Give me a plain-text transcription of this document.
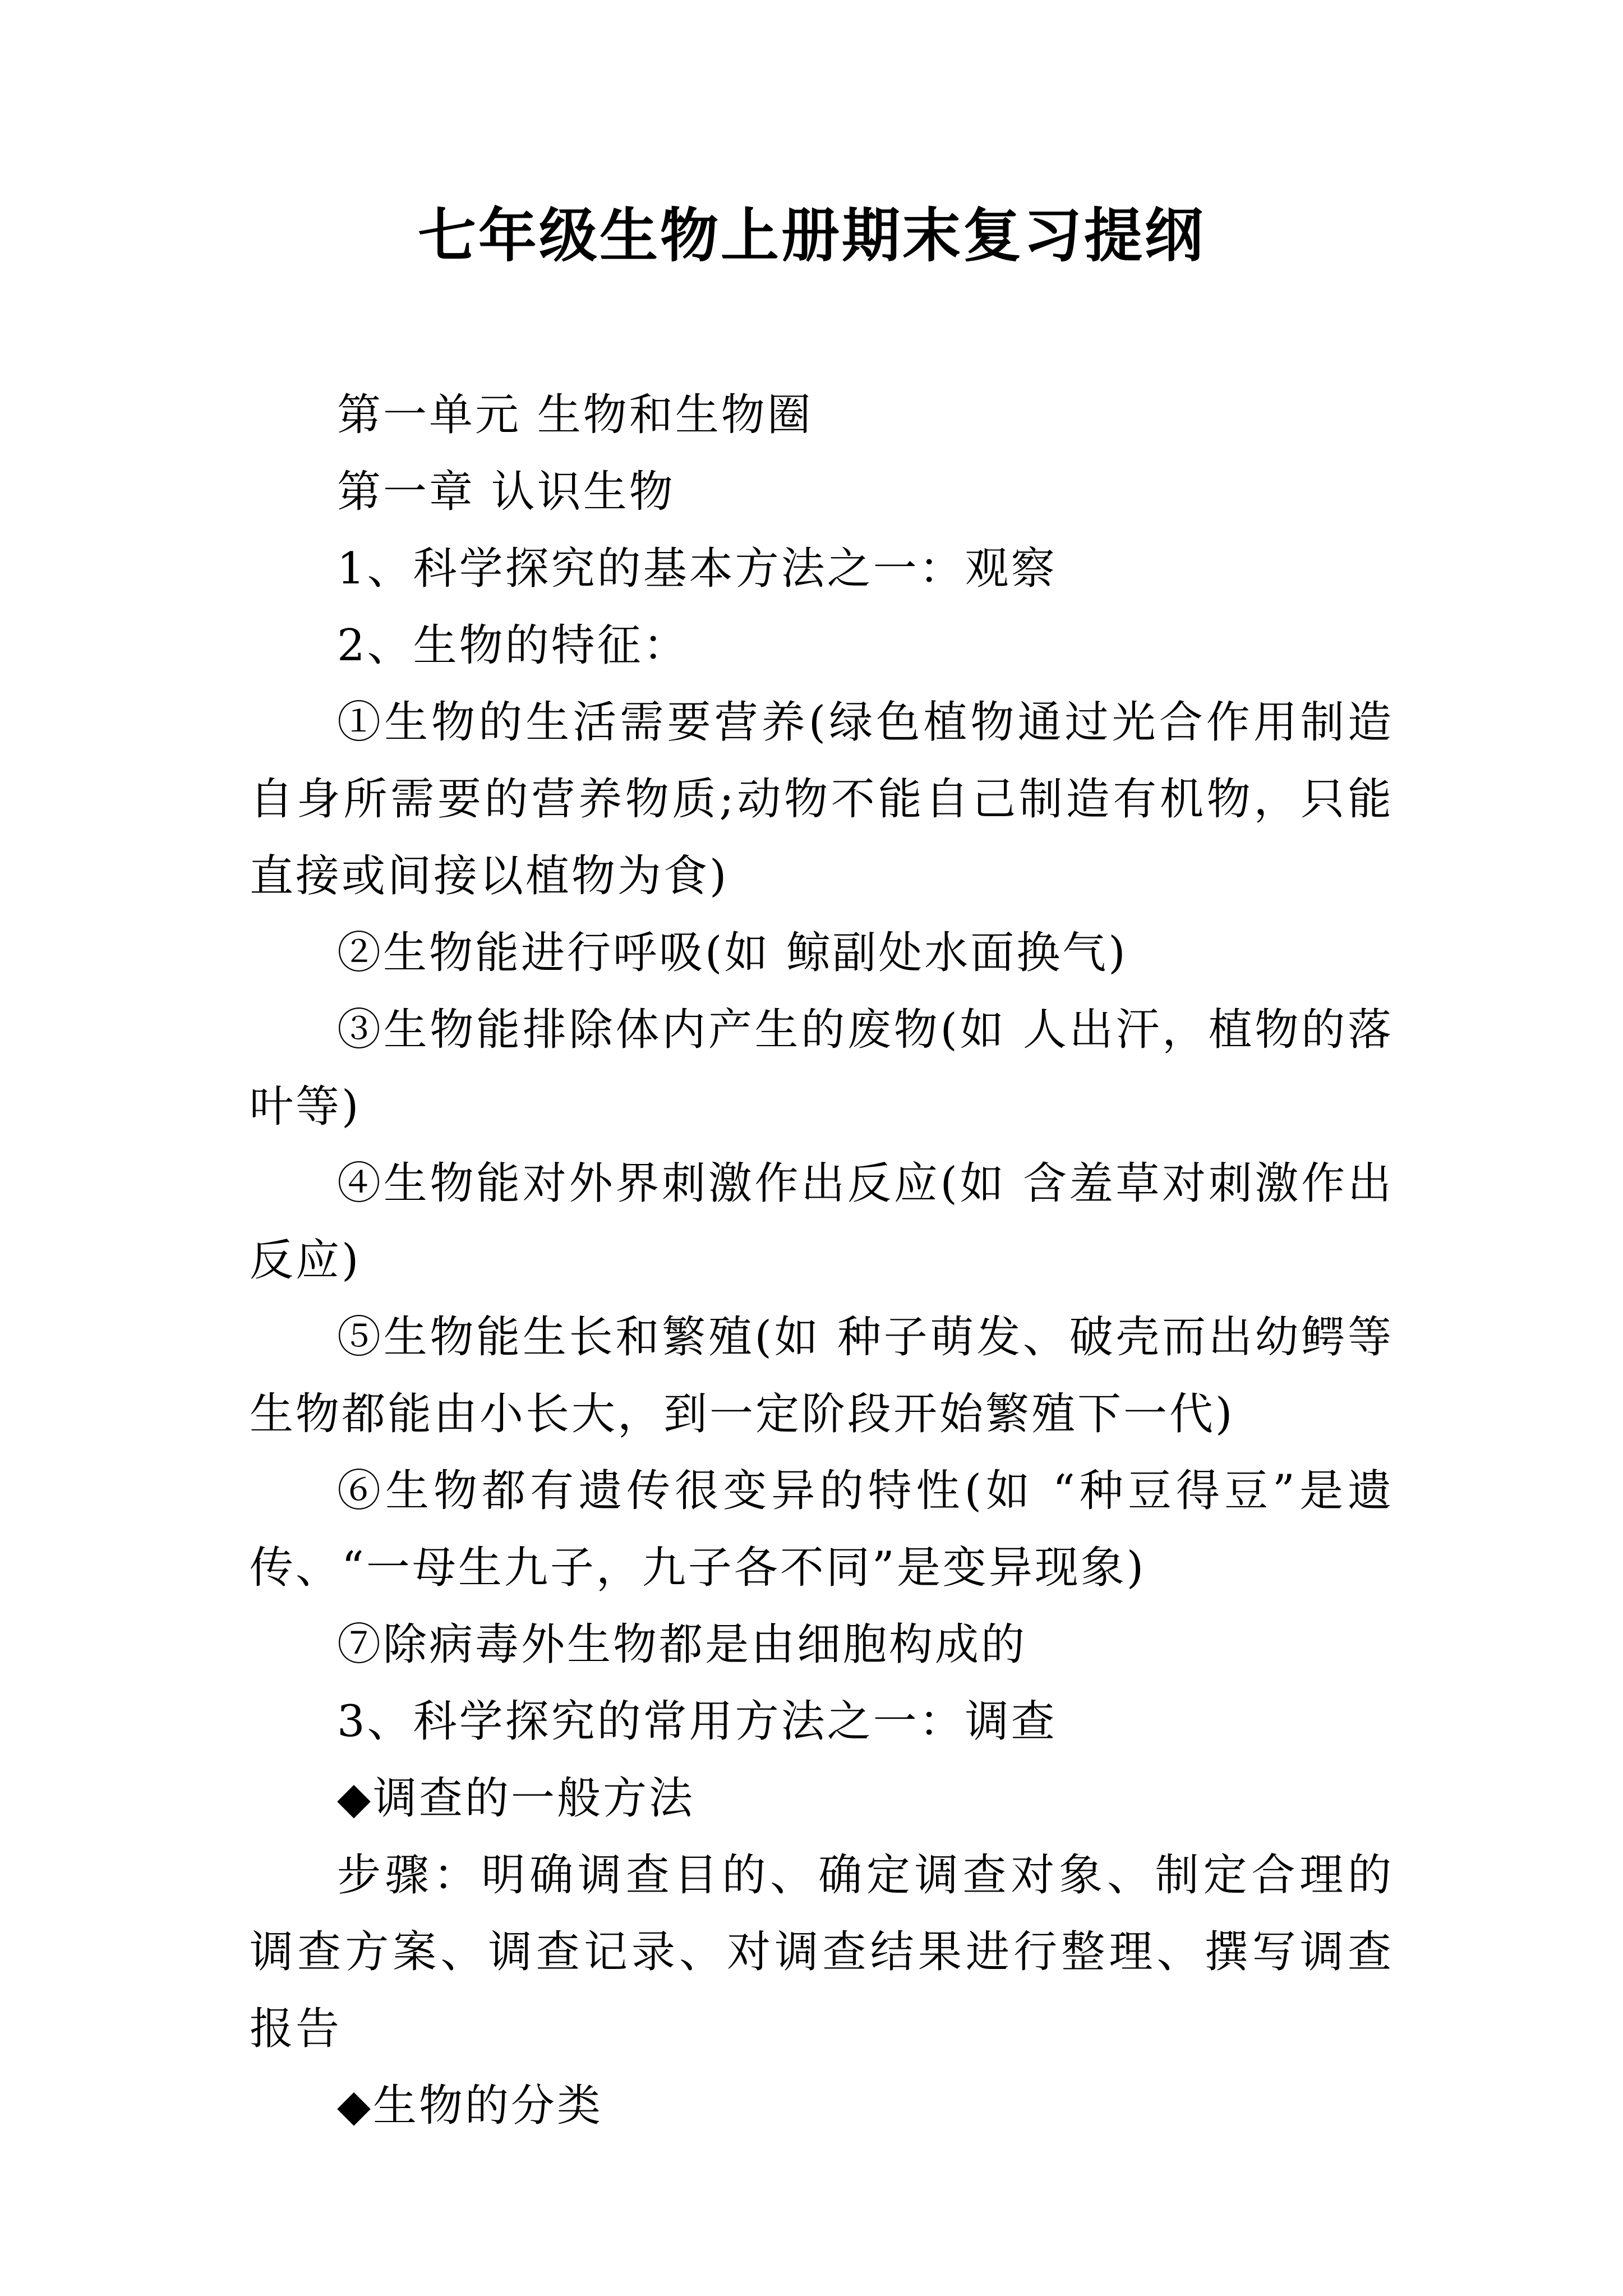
七年级生物上册期末复习提纲

第一单元 生物和生物圈

第一章 认识生物

1、科学探究的基本方法之一：观察

2、生物的特征：

①生物的生活需要营养(绿色植物通过光合作用制造自身所需要的营养物质;动物不能自己制造有机物，只能直接或间接以植物为食)

②生物能进行呼吸(如 鲸副处水面换气)

③生物能排除体内产生的废物(如 人出汗，植物的落叶等)

④生物能对外界刺激作出反应(如 含羞草对刺激作出反应)

⑤生物能生长和繁殖(如 种子萌发、破壳而出幼鳄等生物都能由小长大，到一定阶段开始繁殖下一代)

⑥生物都有遗传很变异的特性(如 “种豆得豆”是遗传、“一母生九子，九子各不同”是变异现象)

⑦除病毒外生物都是由细胞构成的

3、科学探究的常用方法之一：调查

◆调查的一般方法

步骤：明确调查目的、确定调查对象、制定合理的调查方案、调查记录、对调查结果进行整理、撰写调查报告

◆生物的分类
